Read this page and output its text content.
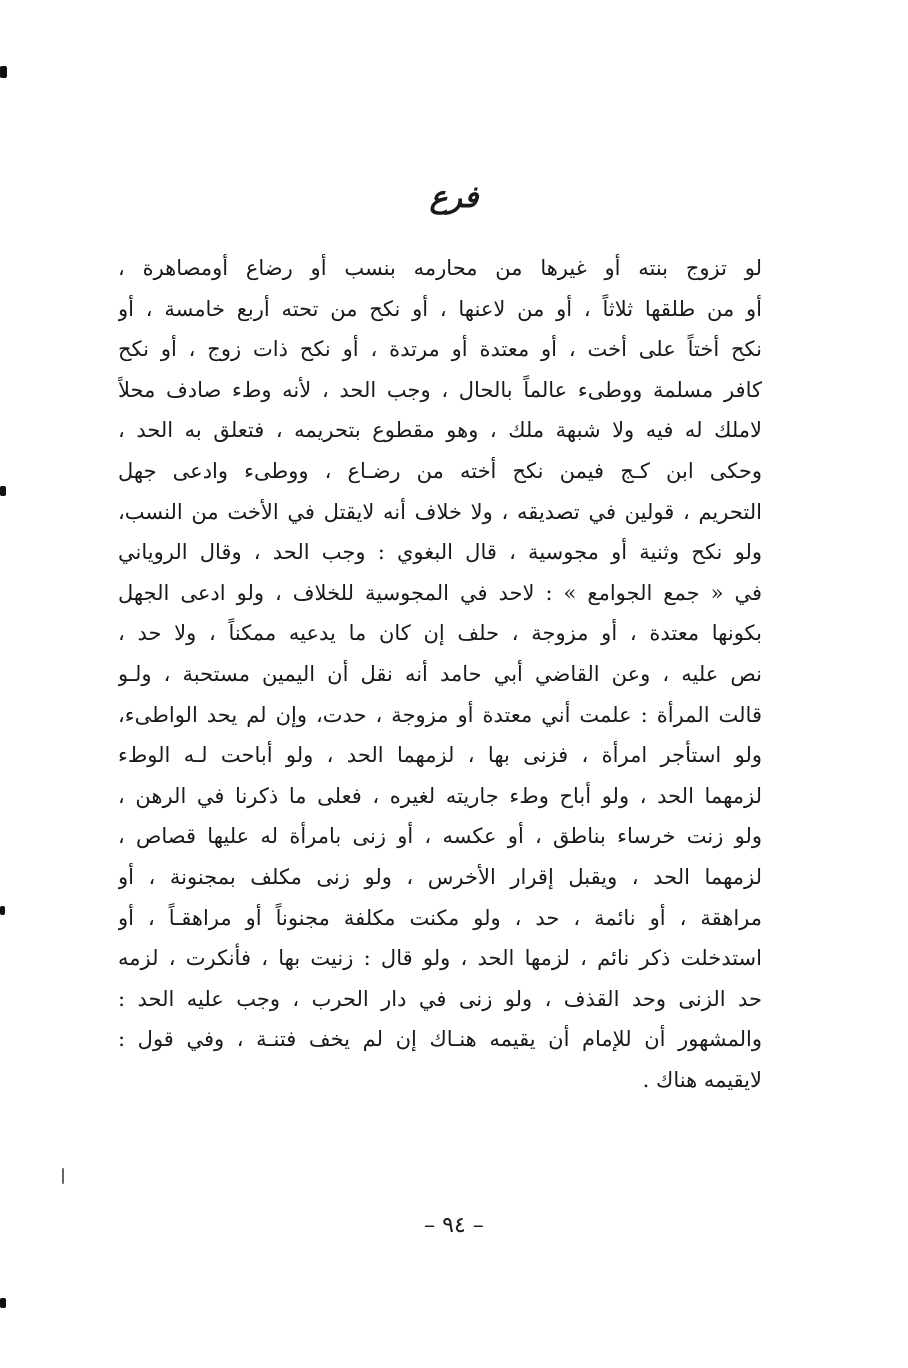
فرع
لو تزوج بنته أو غيرها من محارمه بنسب أو رضاع أومصاهرة ،
أو من طلقها ثلاثاً ، أو من لاعنها ، أو نكح من تحته أربع خامسة ، أو
نكح أختاً على أخت ، أو معتدة أو مرتدة ، أو نكح ذات زوج ، أو نكح
كافر مسلمة ووطىء عالماً بالحال ، وجب الحد ، لأنه وطء صادف محلاً
لاملك له فيه ولا شبهة ملك ، وهو مقطوع بتحريمه ، فتعلق به الحد ،
وحكى ابن كـج فيمن نكح أخته من رضـاع ، ووطىء وادعى جهل
التحريم ، قولين في تصديقه ، ولا خلاف أنه لايقتل في الأخت من النسب،
ولو نكح وثنية أو مجوسية ، قال البغوي : وجب الحد ، وقال الروياني
في « جمع الجوامع » : لاحد في المجوسية للخلاف ، ولو ادعى الجهل
بكونها معتدة ، أو مزوجة ، حلف إن كان ما يدعيه ممكناً ، ولا حد ،
نص عليه ، وعن القاضي أبي حامد أنه نقل أن اليمين مستحبة ، ولـو
قالت المرأة : علمت أني معتدة أو مزوجة ، حدت، وإن لم يحد الواطىء،
ولو استأجر امرأة ، فزنى بها ، لزمهما الحد ، ولو أباحت لـه الوطء
لزمهما الحد ، ولو أباح وطء جاريته لغيره ، فعلى ما ذكرنا في الرهن ،
ولو زنت خرساء بناطق ، أو عكسه ، أو زنى بامرأة له عليها قصاص ،
لزمهما الحد ، ويقبل إقرار الأخرس ، ولو زنى مكلف بمجنونة ، أو
مراهقة ، أو نائمة ، حد ، ولو مكنت مكلفة مجنوناً أو مراهقـاً ، أو
استدخلت ذكر نائم ، لزمها الحد ، ولو قال : زنيت بها ، فأنكرت ، لزمه
حد الزنى وحد القذف ، ولو زنى في دار الحرب ، وجب عليه الحد :
والمشهور أن للإمام أن يقيمه هنـاك إن لم يخف فتنـة ، وفي قول :
لايقيمه هناك .
– ٩٤ –
